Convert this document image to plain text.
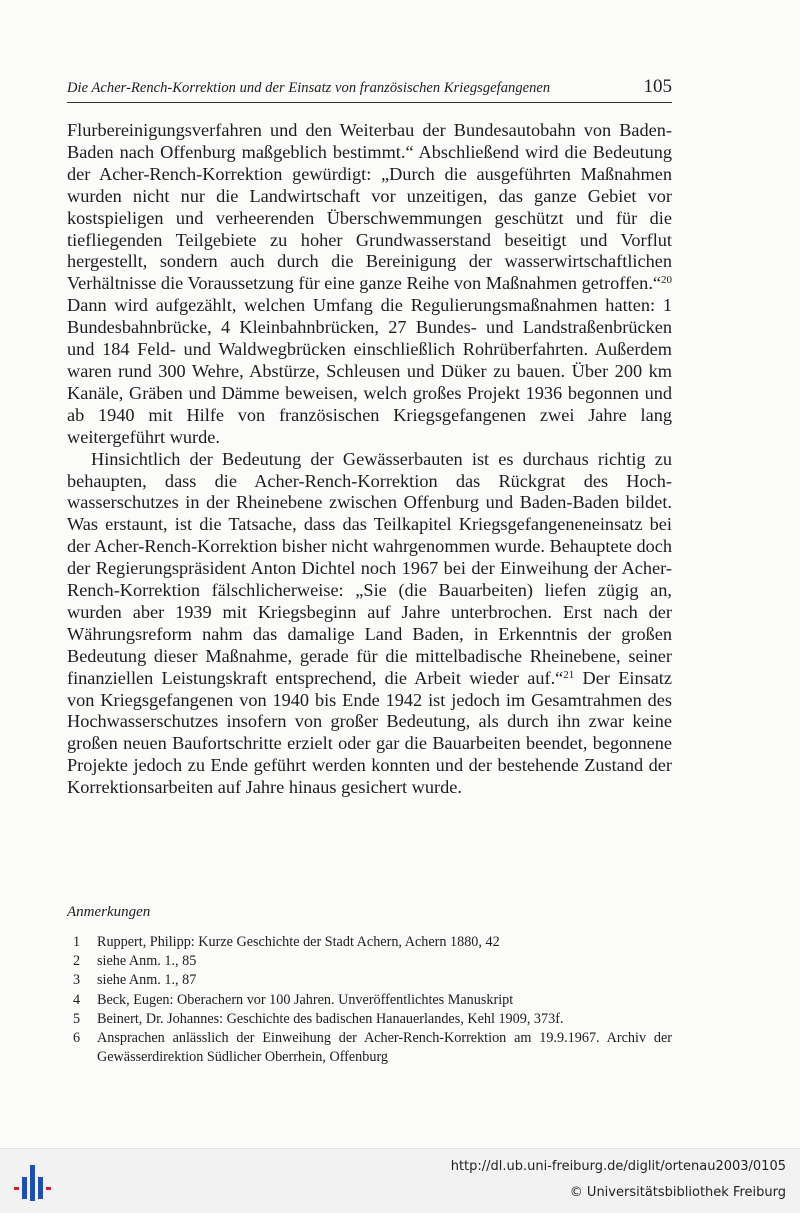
Die Acher-Rench-Korrektion und der Einsatz von französischen Kriegsgefangenen	105

Flurbereinigungsverfahren und den Weiterbau der Bundesautobahn von Baden-Baden nach Offenburg maßgeblich bestimmt.“ Abschließend wird die Bedeutung der Acher-Rench-Korrektion gewürdigt: „Durch die ausgeführten Maßnahmen wurden nicht nur die Landwirtschaft vor unzeitigen, das ganze Gebiet vor kostspieligen und verheerenden Überschwemmungen geschützt und für die tiefliegenden Teilgebiete zu hoher Grundwasserstand beseitigt und Vorflut hergestellt, sondern auch durch die Bereinigung der wasserwirtschaftlichen Verhältnisse die Voraussetzung für eine ganze Reihe von Maßnahmen getroffen.“$^{20}$ Dann wird aufgezählt, welchen Umfang die Regulierungsmaßnahmen hatten: 1 Bundesbahnbrücke, 4 Kleinbahnbrücken, 27 Bundes- und Landstraßenbrücken und 184 Feld- und Waldwegbrücken einschließlich Rohrüberfahrten. Außerdem waren rund 300 Wehre, Abstürze, Schleusen und Düker zu bauen. Über 200 km Kanäle, Gräben und Dämme beweisen, welch großes Projekt 1936 begonnen und ab 1940 mit Hilfe von französischen Kriegsgefangenen zwei Jahre lang weitergeführt wurde.

Hinsichtlich der Bedeutung der Gewässerbauten ist es durchaus richtig zu behaupten, dass die Acher-Rench-Korrektion das Rückgrat des Hochwasserschutzes in der Rheinebene zwischen Offenburg und Baden-Baden bildet. Was erstaunt, ist die Tatsache, dass das Teilkapitel Kriegsgefangeneneinsatz bei der Acher-Rench-Korrektion bisher nicht wahrgenommen wurde. Behauptete doch der Regierungspräsident Anton Dichtel noch 1967 bei der Einweihung der Acher-Rench-Korrektion fälschlicherweise: „Sie (die Bauarbeiten) liefen zügig an, wurden aber 1939 mit Kriegsbeginn auf Jahre unterbrochen. Erst nach der Währungsreform nahm das damalige Land Baden, in Erkenntnis der großen Bedeutung dieser Maßnahme, gerade für die mittelbadische Rheinebene, seiner finanziellen Leistungskraft entsprechend, die Arbeit wieder auf.“$^{21}$ Der Einsatz von Kriegsgefangenen von 1940 bis Ende 1942 ist jedoch im Gesamtrahmen des Hochwasserschutzes insofern von großer Bedeutung, als durch ihn zwar keine großen neuen Baufortschritte erzielt oder gar die Bauarbeiten beendet, begonnene Projekte jedoch zu Ende geführt werden konnten und der bestehende Zustand der Korrektionsarbeiten auf Jahre hinaus gesichert wurde.

Anmerkungen
1 Ruppert, Philipp: Kurze Geschichte der Stadt Achern, Achern 1880, 42
2 siehe Anm. 1., 85
3 siehe Anm. 1., 87
4 Beck, Eugen: Oberachern vor 100 Jahren. Unveröffentlichtes Manuskript
5 Beinert, Dr. Johannes: Geschichte des badischen Hanauerlandes, Kehl 1909, 373f.
6 Ansprachen anlässlich der Einweihung der Acher-Rench-Korrektion am 19.9.1967. Archiv der Gewässerdirektion Südlicher Oberrhein, Offenburg
http://dl.ub.uni-freiburg.de/diglit/ortenau2003/0105
© Universitätsbibliothek Freiburg
